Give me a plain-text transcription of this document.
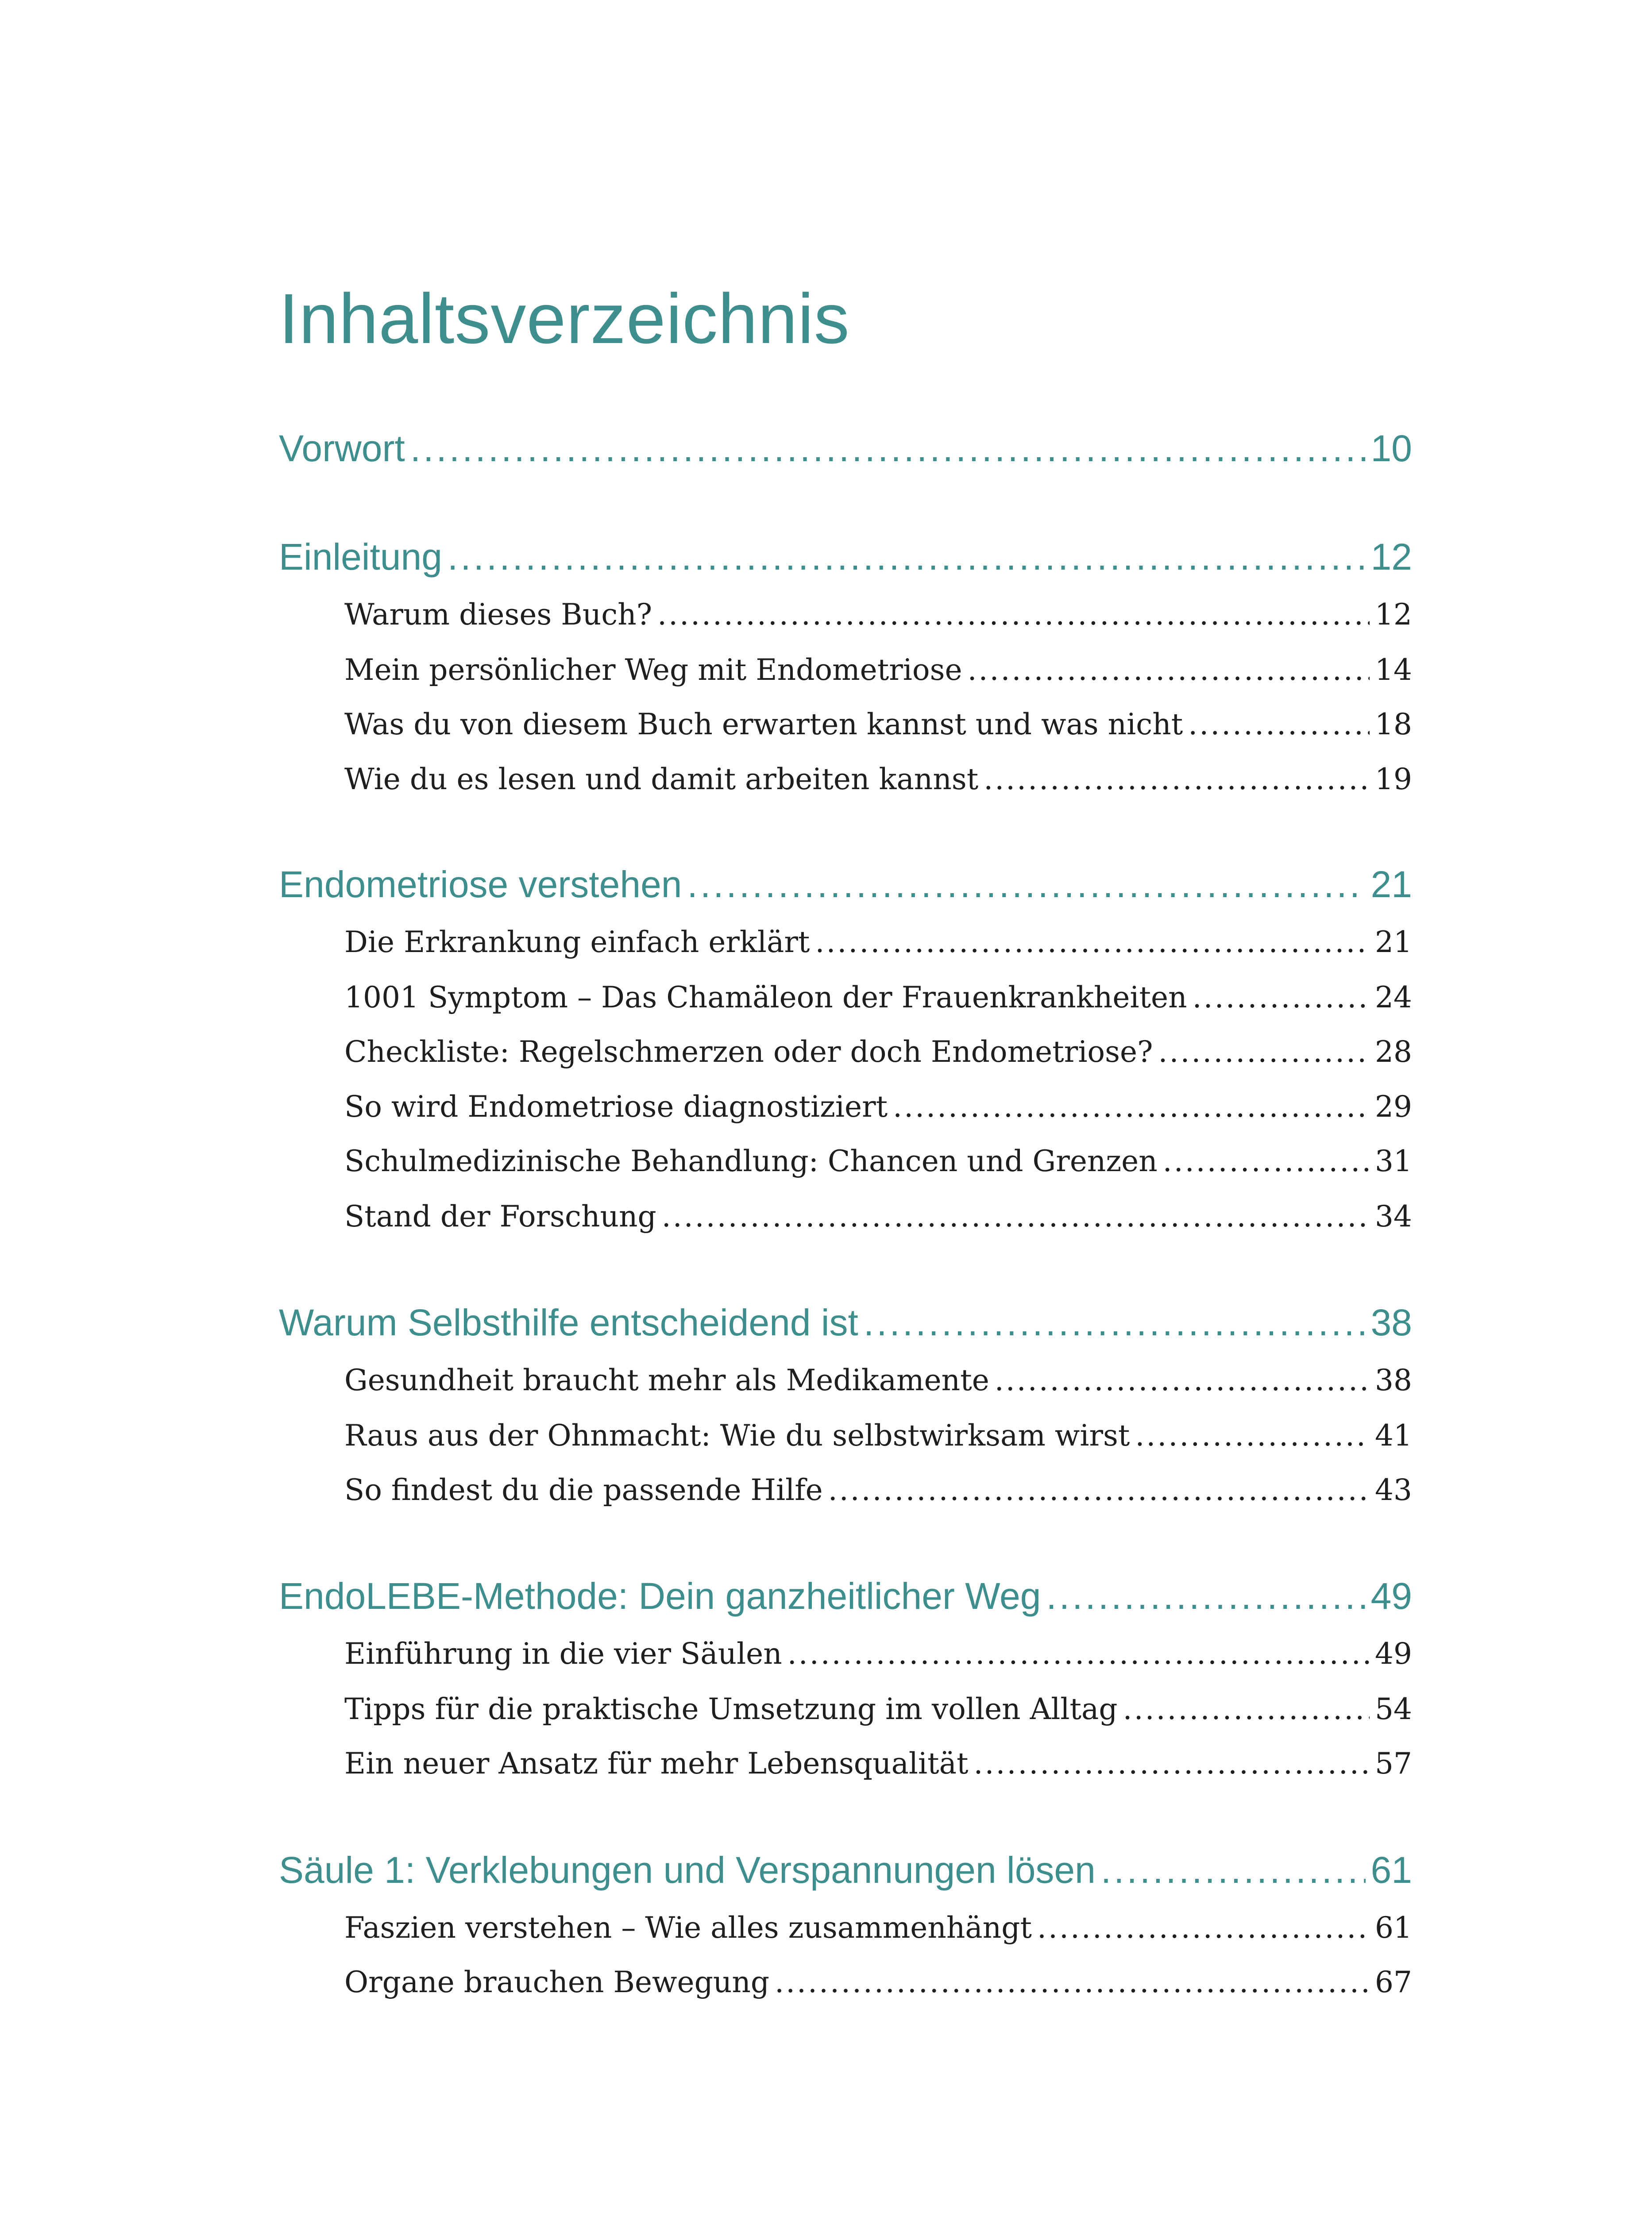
Inhaltsverzeichnis
Vorwort .....	10
Einleitung .....	12
Warum dieses Buch? .....	12
Mein persönlicher Weg mit Endometriose .....	14
Was du von diesem Buch erwarten kannst und was nicht .....	18
Wie du es lesen und damit arbeiten kannst .....	19
Endometriose verstehen .....	21
Die Erkrankung einfach erklärt .....	21
1001 Symptom – Das Chamäleon der Frauenkrankheiten .....	24
Checkliste: Regelschmerzen oder doch Endometriose? .....	28
So wird Endometriose diagnostiziert .....	29
Schulmedizinische Behandlung: Chancen und Grenzen .....	31
Stand der Forschung .....	34
Warum Selbsthilfe entscheidend ist .....	38
Gesundheit braucht mehr als Medikamente .....	38
Raus aus der Ohnmacht: Wie du selbstwirksam wirst .....	41
So findest du die passende Hilfe .....	43
EndoLEBE-Methode: Dein ganzheitlicher Weg .....	49
Einführung in die vier Säulen .....	49
Tipps für die praktische Umsetzung im vollen Alltag .....	54
Ein neuer Ansatz für mehr Lebensqualität .....	57
Säule 1: Verklebungen und Verspannungen lösen .....	61
Faszien verstehen – Wie alles zusammenhängt .....	61
Organe brauchen Bewegung .....	67
